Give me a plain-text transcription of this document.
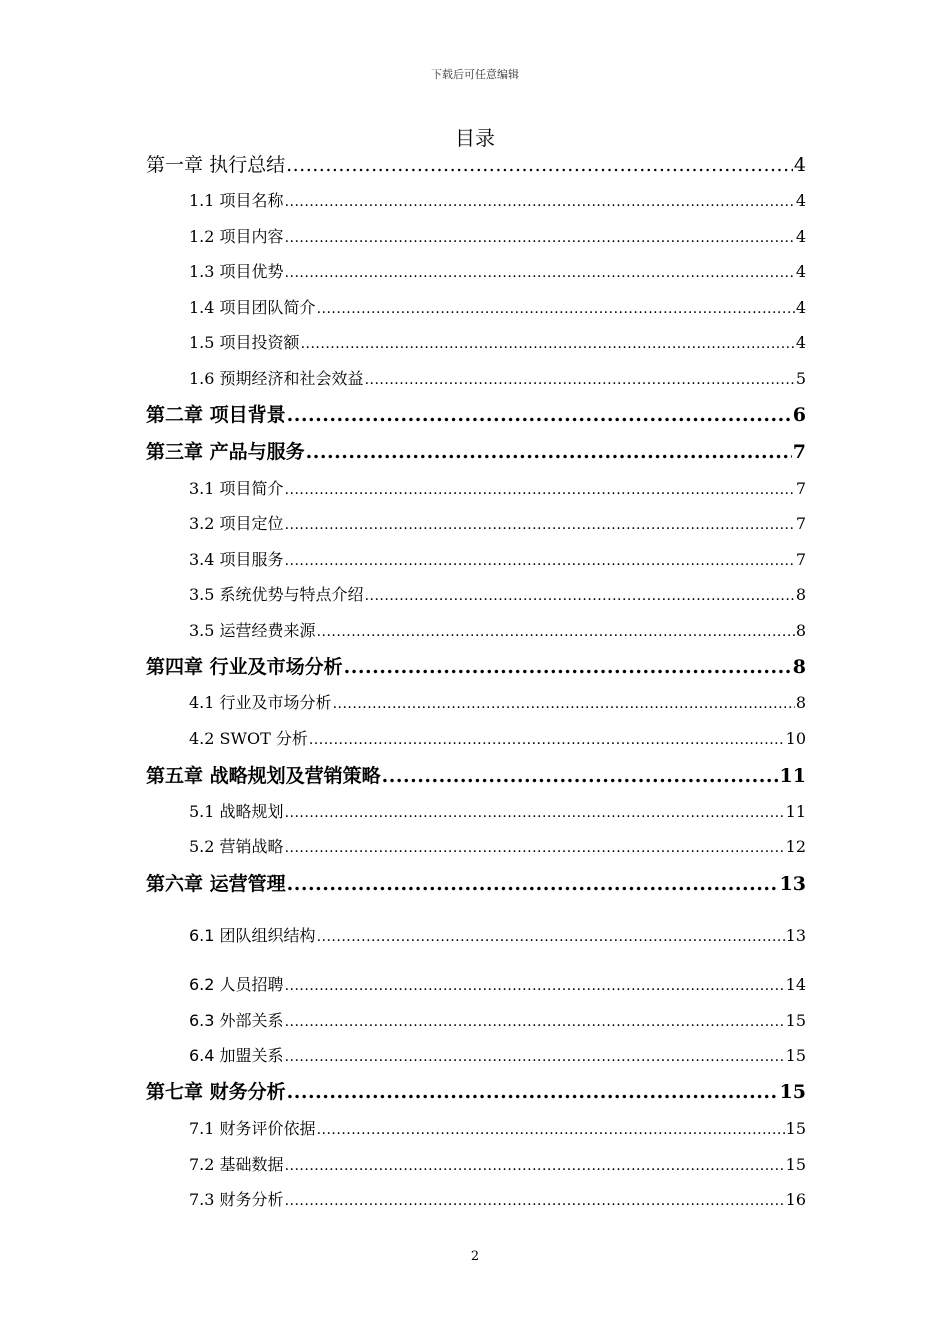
下载后可任意编辑
目录
第一章 执行总结 .....	4
1.1 项目名称 .....	4
1.2 项目内容 .....	4
1.3 项目优势 .....	4
1.4 项目团队简介 .....	4
1.5 项目投资额 .....	4
1.6 预期经济和社会效益 .....	5
第二章 项目背景 .....	6
第三章 产品与服务 .....	7
3.1 项目简介 .....	7
3.2 项目定位 .....	7
3.4 项目服务 .....	7
3.5 系统优势与特点介绍 .....	8
3.5 运营经费来源 .....	8
第四章 行业及市场分析 .....	8
4.1 行业及市场分析 .....	8
4.2 SWOT 分析 .....	10
第五章 战略规划及营销策略 .....	11
5.1 战略规划 .....	11
5.2 营销战略 .....	12
第六章 运营管理 .....	13
6.1 团队组织结构 .....	13
6.2 人员招聘 .....	14
6.3 外部关系 .....	15
6.4 加盟关系 .....	15
第七章 财务分析 .....	15
7.1 财务评价依据 .....	15
7.2 基础数据 .....	15
7.3 财务分析 .....	16
2
